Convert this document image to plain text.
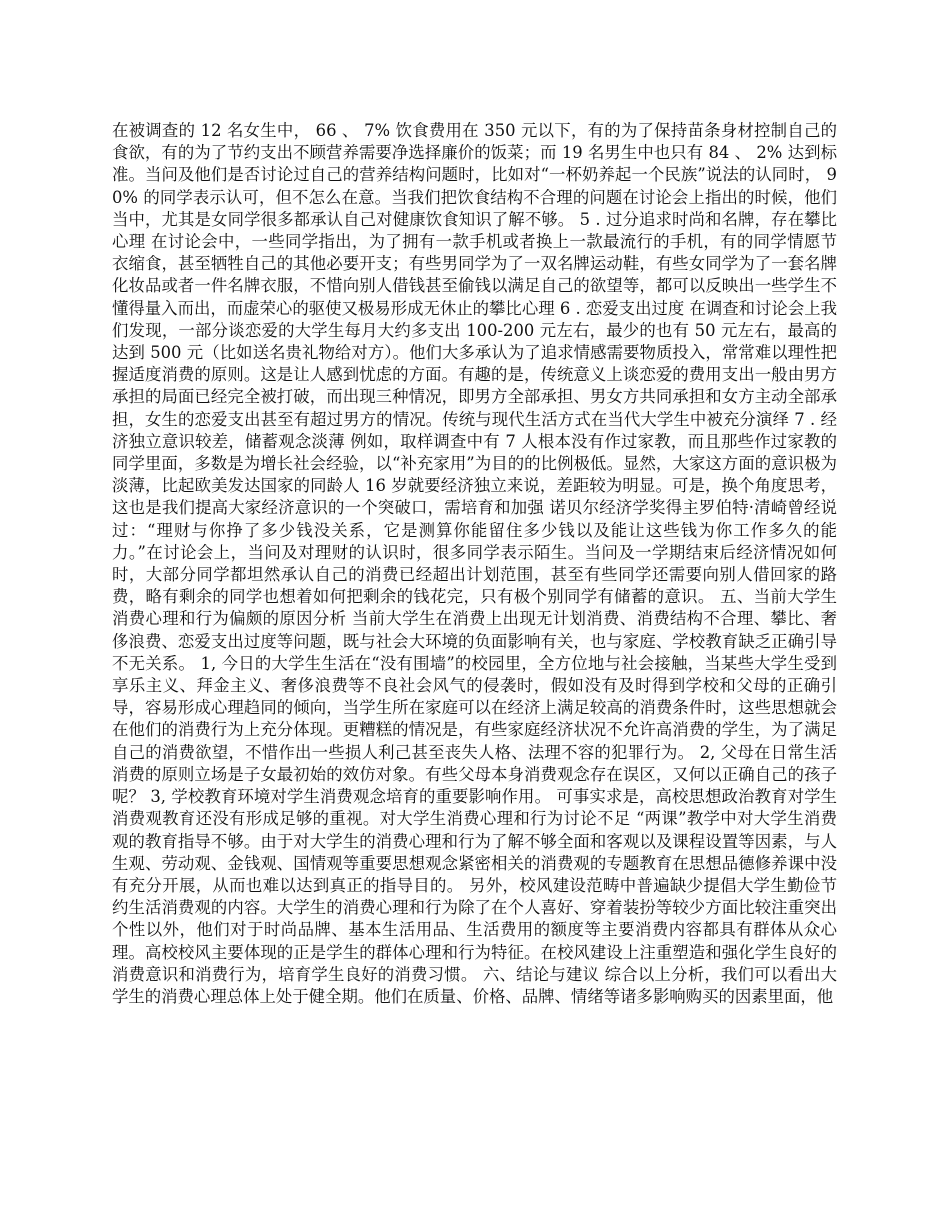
在被调查的 12 名女生中， 66 、 7% 饮食费用在 350 元以下，有的为了保持苗条身材控制自己的食欲，有的为了节约支出不顾营养需要净选择廉价的饭菜；而 19 名男生中也只有 84 、 2% 达到标准。当问及他们是否讨论过自己的营养结构问题时，比如对“一杯奶养起一个民族”说法的认同时， 90% 的同学表示认可，但不怎么在意。当我们把饮食结构不合理的问题在讨论会上指出的时候，他们当中，尤其是女同学很多都承认自己对健康饮食知识了解不够。 5 . 过分追求时尚和名牌，存在攀比心理 在讨论会中，一些同学指出，为了拥有一款手机或者换上一款最流行的手机，有的同学情愿节衣缩食，甚至牺牲自己的其他必要开支；有些男同学为了一双名牌运动鞋，有些女同学为了一套名牌化妆品或者一件名牌衣服，不惜向别人借钱甚至偷钱以满足自己的欲望等，都可以反映出一些学生不懂得量入而出，而虚荣心的驱使又极易形成无休止的攀比心理 6 . 恋爱支出过度 在调查和讨论会上我们发现，一部分谈恋爱的大学生每月大约多支出 100-200 元左右，最少的也有 50 元左右，最高的达到 500 元（比如送名贵礼物给对方）。他们大多承认为了追求情感需要物质投入，常常难以理性把握适度消费的原则。这是让人感到忧虑的方面。有趣的是，传统意义上谈恋爱的费用支出一般由男方承担的局面已经完全被打破，而出现三种情况，即男方全部承担、男女方共同承担和女方主动全部承担，女生的恋爱支出甚至有超过男方的情况。传统与现代生活方式在当代大学生中被充分演绎 7 . 经济独立意识较差，储蓄观念淡薄 例如，取样调查中有 7 人根本没有作过家教，而且那些作过家教的同学里面，多数是为增长社会经验，以“补充家用”为目的的比例极低。显然，大家这方面的意识极为淡薄，比起欧美发达国家的同龄人 16 岁就要经济独立来说，差距较为明显。可是，换个角度思考，这也是我们提高大家经济意识的一个突破口，需培育和加强 诺贝尔经济学奖得主罗伯特·清崎曾经说过：“理财与你挣了多少钱没关系，它是测算你能留住多少钱以及能让这些钱为你工作多久的能力。”在讨论会上，当问及对理财的认识时，很多同学表示陌生。当问及一学期结束后经济情况如何时，大部分同学都坦然承认自己的消费已经超出计划范围，甚至有些同学还需要向别人借回家的路费，略有剩余的同学也想着如何把剩余的钱花完，只有极个别同学有储蓄的意识。 五、当前大学生消费心理和行为偏颇的原因分析 当前大学生在消费上出现无计划消费、消费结构不合理、攀比、奢侈浪费、恋爱支出过度等问题，既与社会大环境的负面影响有关，也与家庭、学校教育缺乏正确引导不无关系。 1, 今日的大学生生活在“没有围墙”的校园里，全方位地与社会接触，当某些大学生受到享乐主义、拜金主义、奢侈浪费等不良社会风气的侵袭时，假如没有及时得到学校和父母的正确引导，容易形成心理趋同的倾向，当学生所在家庭可以在经济上满足较高的消费条件时，这些思想就会在他们的消费行为上充分体现。更糟糕的情况是，有些家庭经济状况不允许高消费的学生，为了满足自己的消费欲望，不惜作出一些损人利己甚至丧失人格、法理不容的犯罪行为。 2, 父母在日常生活消费的原则立场是子女最初始的效仿对象。有些父母本身消费观念存在误区，又何以正确自己的孩子呢？ 3, 学校教育环境对学生消费观念培育的重要影响作用。 可事实求是，高校思想政治教育对学生消费观教育还没有形成足够的重视。对大学生消费心理和行为讨论不足 “两课”教学中对大学生消费观的教育指导不够。由于对大学生的消费心理和行为了解不够全面和客观以及课程设置等因素，与人生观、劳动观、金钱观、国情观等重要思想观念紧密相关的消费观的专题教育在思想品德修养课中没有充分开展，从而也难以达到真正的指导目的。 另外，校风建设范畴中普遍缺少提倡大学生勤俭节约生活消费观的内容。大学生的消费心理和行为除了在个人喜好、穿着装扮等较少方面比较注重突出个性以外，他们对于时尚品牌、基本生活用品、生活费用的额度等主要消费内容都具有群体从众心理。高校校风主要体现的正是学生的群体心理和行为特征。在校风建设上注重塑造和强化学生良好的消费意识和消费行为，培育学生良好的消费习惯。 六、结论与建议 综合以上分析，我们可以看出大学生的消费心理总体上处于健全期。他们在质量、价格、品牌、情绪等诸多影响购买的因素里面，他
